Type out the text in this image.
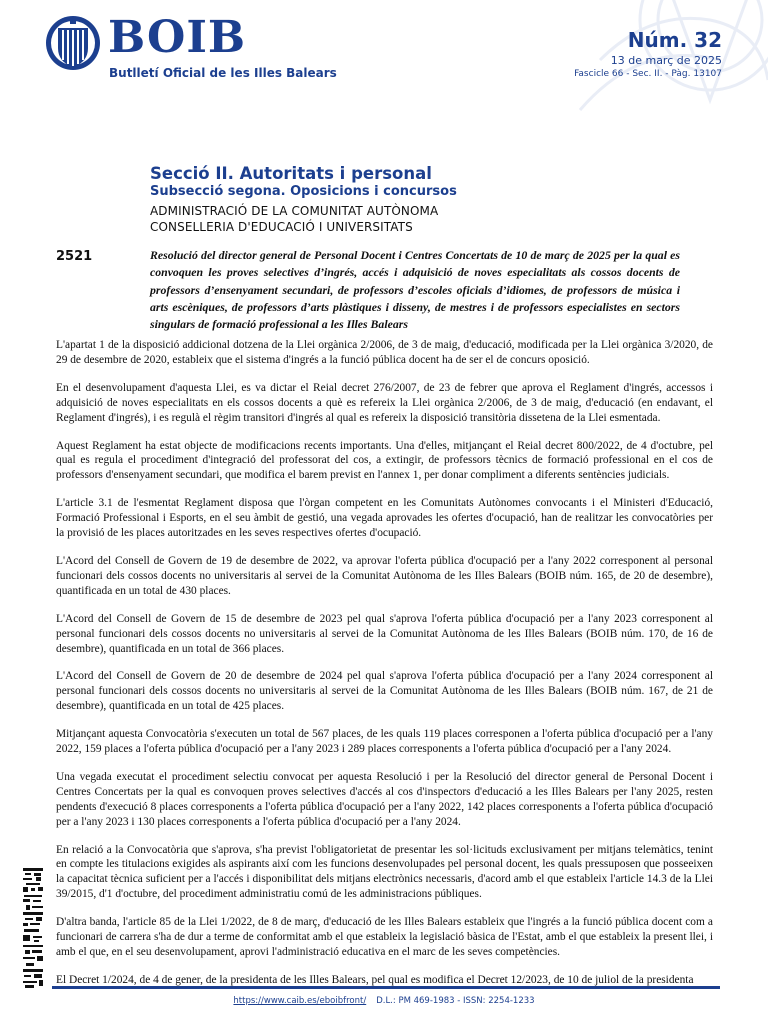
BOIB
Butlletí Oficial de les Illes Balears
Núm. 32
13 de març de 2025
Fascicle 66 - Sec. II. - Pàg. 13107
Secció II. Autoritats i personal
Subsecció segona. Oposicions i concursos
ADMINISTRACIÓ DE LA COMUNITAT AUTÒNOMA
CONSELLERIA D'EDUCACIÓ I UNIVERSITATS
2521	Resolució del director general de Personal Docent i Centres Concertats de 10 de març de 2025 per la qual es convoquen les proves selectives d’ingrés, accés i adquisició de noves especialitats als cossos docents de professors d’ensenyament secundari, de professors d’escoles oficials d’idiomes, de professors de música i arts escèniques, de professors d’arts plàstiques i disseny, de mestres i de professors especialistes en sectors singulars de formació professional a les Illes Balears

L'apartat 1 de la disposició addicional dotzena de la Llei orgànica 2/2006, de 3 de maig, d'educació, modificada per la Llei orgànica 3/2020, de 29 de desembre de 2020, estableix que el sistema d'ingrés a la funció pública docent ha de ser el de concurs oposició.

En el desenvolupament d'aquesta Llei, es va dictar el Reial decret 276/2007, de 23 de febrer que aprova el Reglament d'ingrés, accessos i adquisició de noves especialitats en els cossos docents a què es refereix la Llei orgànica 2/2006, de 3 de maig, d'educació (en endavant, el Reglament d'ingrés), i es regulà el règim transitori d'ingrés al qual es refereix la disposició transitòria dissetena de la Llei esmentada.

Aquest Reglament ha estat objecte de modificacions recents importants. Una d'elles, mitjançant el Reial decret 800/2022, de 4 d'octubre, pel qual es regula el procediment d'integració del professorat del cos, a extingir, de professors tècnics de formació professional en el cos de professors d'ensenyament secundari, que modifica el barem previst en l'annex 1, per donar compliment a diferents sentències judicials.

L'article 3.1 de l'esmentat Reglament disposa que l'òrgan competent en les Comunitats Autònomes convocants i el Ministeri d'Educació, Formació Professional i Esports, en el seu àmbit de gestió, una vegada aprovades les ofertes d'ocupació, han de realitzar les convocatòries per la provisió de les places autoritzades en les seves respectives ofertes d'ocupació.

L'Acord del Consell de Govern de 19 de desembre de 2022, va aprovar l'oferta pública d'ocupació per a l'any 2022 corresponent al personal funcionari dels cossos docents no universitaris al servei de la Comunitat Autònoma de les Illes Balears (BOIB núm. 165, de 20 de desembre), quantificada en un total de 430 places.

L'Acord del Consell de Govern de 15 de desembre de 2023 pel qual s'aprova l'oferta pública d'ocupació per a l'any 2023 corresponent al personal funcionari dels cossos docents no universitaris al servei de la Comunitat Autònoma de les Illes Balears (BOIB núm. 170, de 16 de desembre), quantificada en un total de 366 places.

L'Acord del Consell de Govern de 20 de desembre de 2024 pel qual s'aprova l'oferta pública d'ocupació per a l'any 2024 corresponent al personal funcionari dels cossos docents no universitaris al servei de la Comunitat Autònoma de les Illes Balears (BOIB núm. 167, de 21 de desembre), quantificada en un total de 425 places.

Mitjançant aquesta Convocatòria s'executen un total de 567 places, de les quals 119 places corresponen a l'oferta pública d'ocupació per a l'any 2022, 159 places a l'oferta pública d'ocupació per a l'any 2023 i 289 places corresponents a l'oferta pública d'ocupació per a l'any 2024.

Una vegada executat el procediment selectiu convocat per aquesta Resolució i per la Resolució del director general de Personal Docent i Centres Concertats per la qual es convoquen proves selectives d'accés al cos d'inspectors d'educació a les Illes Balears per l'any 2025, resten pendents d'execució 8 places corresponents a l'oferta pública d'ocupació per a l'any 2022, 142 places corresponents a l'oferta pública d'ocupació per a l'any 2023 i 130 places corresponents a l'oferta pública d'ocupació per a l'any 2024.

En relació a la Convocatòria que s'aprova, s'ha previst l'obligatorietat de presentar les sol·licituds exclusivament per mitjans telemàtics, tenint en compte les titulacions exigides als aspirants així com les funcions desenvolupades pel personal docent, les quals pressuposen que posseeixen la capacitat tècnica suficient per a l'accés i disponibilitat dels mitjans electrònics necessaris, d'acord amb el que estableix l'article 14.3 de la Llei 39/2015, d'1 d'octubre, del procediment administratiu comú de les administracions públiques.

D'altra banda, l'article 85 de la Llei 1/2022, de 8 de març, d'educació de les Illes Balears estableix que l'ingrés a la funció pública docent com a funcionari de carrera s'ha de dur a terme de conformitat amb el que estableix la legislació bàsica de l'Estat, amb el que estableix la present llei, i amb el que, en el seu desenvolupament, aprovi l'administració educativa en el marc de les seves competències.

El Decret 1/2024, de 4 de gener, de la presidenta de les Illes Balears, pel qual es modifica el Decret 12/2023, de 10 de juliol de la presidenta

https://www.caib.es/eboibfront/ D.L.: PM 469-1983 - ISSN: 2254-1233
